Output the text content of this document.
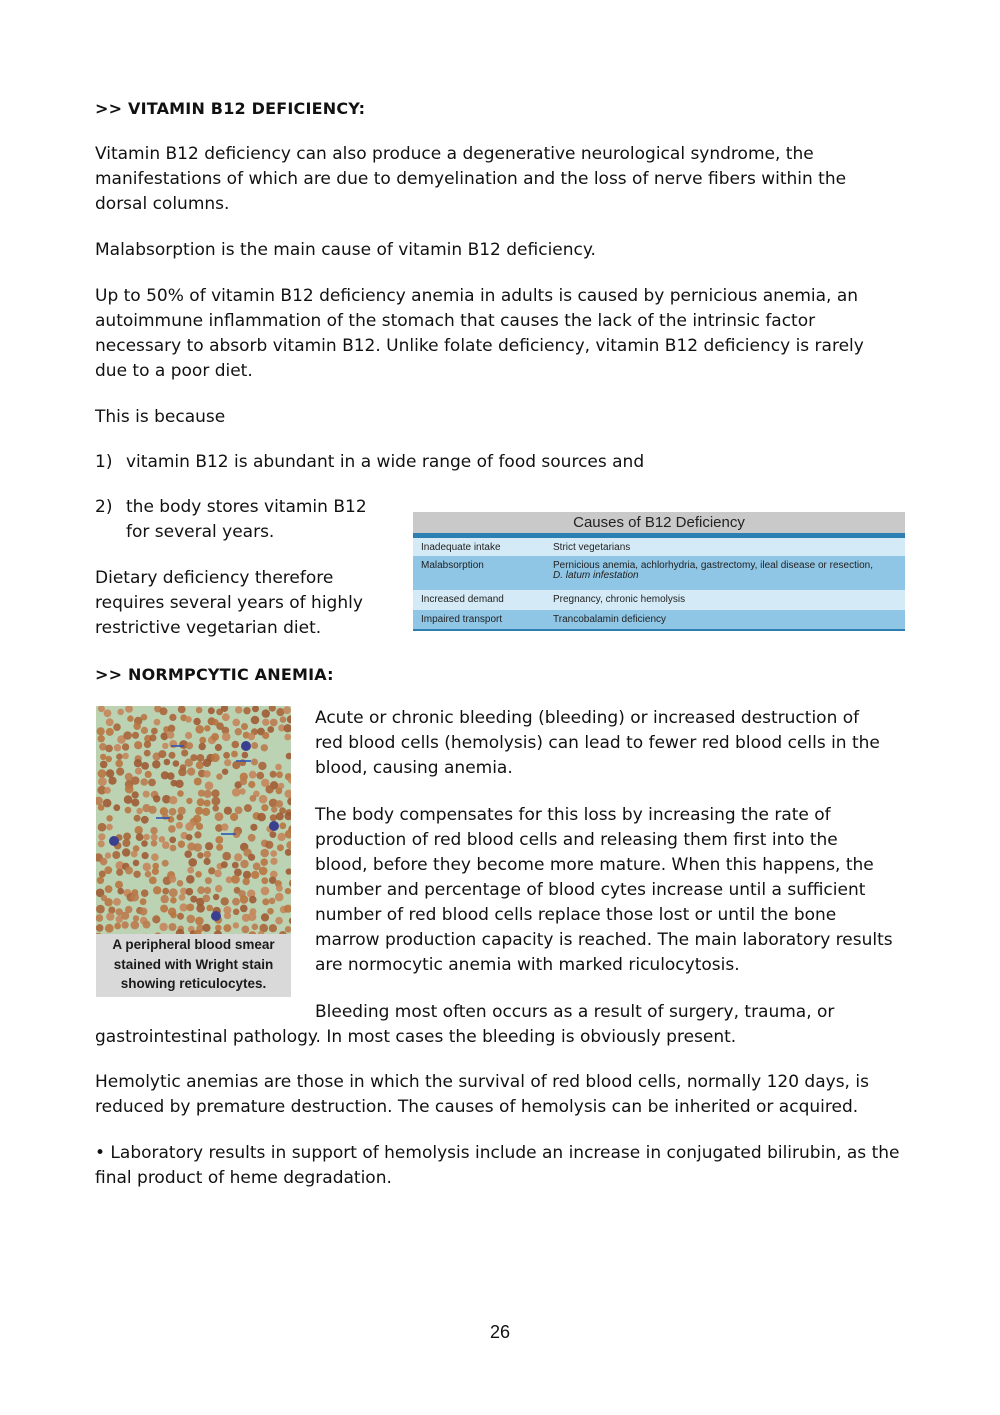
>> VITAMIN B12 DEFICIENCY:
Vitamin B12 deficiency can also produce a degenerative neurological syndrome, the
manifestations of which are due to demyelination and the loss of nerve fibers within the
dorsal columns.
Malabsorption is the main cause of vitamin B12 deficiency.
Up to 50% of vitamin B12 deficiency anemia in adults is caused by pernicious anemia, an
autoimmune inflammation of the stomach that causes the lack of the intrinsic factor
necessary to absorb vitamin B12. Unlike folate deficiency, vitamin B12 deficiency is rarely
due to a poor diet.
This is because
1) vitamin B12 is abundant in a wide range of food sources and
2) the body stores vitamin B12
for several years.
Dietary deficiency therefore
requires several years of highly
restrictive vegetarian diet.
>> NORMPCYTIC ANEMIA:
Acute or chronic bleeding (bleeding) or increased destruction of
red blood cells (hemolysis) can lead to fewer red blood cells in the
blood, causing anemia.
The body compensates for this loss by increasing the rate of
production of red blood cells and releasing them first into the
blood, before they become more mature. When this happens, the
number and percentage of blood cytes increase until a sufficient
number of red blood cells replace those lost or until the bone
marrow production capacity is reached. The main laboratory results
are normocytic anemia with marked riculocytosis.
Bleeding most often occurs as a result of surgery, trauma, or
gastrointestinal pathology. In most cases the bleeding is obviously present.
Hemolytic anemias are those in which the survival of red blood cells, normally 120 days, is
reduced by premature destruction. The causes of hemolysis can be inherited or acquired.
• Laboratory results in support of hemolysis include an increase in conjugated bilirubin, as the
final product of heme degradation.
Causes of B12 Deficiency
Inadequate intake	Strict vegetarians
Malabsorption	Pernicious anemia, achlorhydria, gastrectomy, ileal disease or resection,
D. latum infestation
Increased demand	Pregnancy, chronic hemolysis
Impaired transport	Trancobalamin deficiency
A peripheral blood smear
stained with Wright stain
showing reticulocytes.
26
